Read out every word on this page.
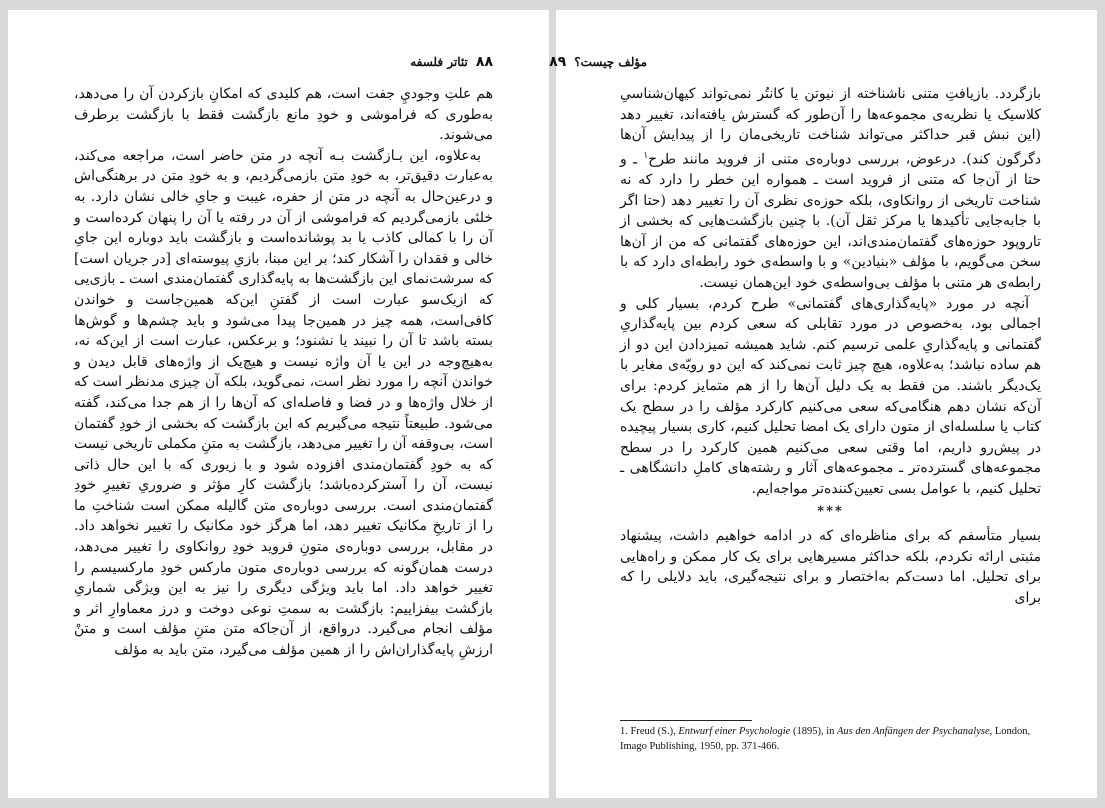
۸۸تئاتر فلسفه

هم علتِ وجوديِ جفت است، هم کلیدی که امکانِ بازکردن آن را می‌دهد، به‌طوری که فراموشی و خودِ مانع بازگشت فقط با بازگشت برطرف می‌شوند.

به‌علاوه، این بـازگشت بـه آنچه در متن حاضر است، مراجعه می‌کند، به‌عبارت دقیق‌تر، به خودِ متن بازمی‌گردیم، و به خودِ متن در برهنگی‌اش و درعین‌حال به آنچه در متن از حفره، غیبت و جایِ خالی نشان دارد. به خلئی بازمی‌گردیم که فراموشی از آن در رفته یا آن را پنهان کرده‌است و آن را با کمالی کاذب یا بد پوشانده‌است و بازگشت باید دوباره این جایِ خالی و فقدان را آشکار کند؛ بر این مبنا، بازیِ پیوسته‌ای [در جریان است] که سرشت‌نمای این بازگشت‌ها به پایه‌گذاری گفتمان‌مندی است ـ بازی‌یی که ازیک‌سو عبارت است از گفتنِ این‌که همین‌جاست و خواندن کافی‌است، همه چیز در همین‌جا پیدا می‌شود و باید چشم‌ها و گوش‌ها بسته باشد تا آن را نبیند یا نشنود؛ و برعکس، عبارت است از این‌که نه، به‌هیچ‌وجه در این یا آن واژه نیست و هیچ‌یک از واژه‌های قابل دیدن و خواندن آنچه را مورد نظر است، نمی‌گوید، بلکه آن چیزی مدنظر است که از خلال واژه‌ها و در فضا و فاصله‌ای که آن‌ها را از هم جدا می‌کند، گفته می‌شود. طبیعتاً نتیجه می‌گیریم که این بازگشت که بخشی از خودِ گفتمان است، بی‌وقفه آن را تغییر می‌دهد، بازگشت به متنِ مکملی تاریخی نیست که به خودِ گفتمان‌مندی افزوده شود و با زیوری که با این حال ذاتی نیست، آن را آسترکرده‌باشد؛ بازگشت کارِ مؤثر و ضروریِ تغییرِ خودِ گفتمان‌مندی است. بررسی دوباره‌ی متن گالیله ممکن است شناختِ ما را از تاریخِ مکانیک تغییر دهد، اما هرگز خود مکانیک را تغییر نخواهد داد. در مقابل، بررسی دوباره‌ی متونِ فروید خودِ روانکاوی را تغییر می‌دهد، درست همان‌گونه که بررسی دوباره‌ی متون مارکس خودِ مارکسیسم را تغییر خواهد داد. اما باید ویژگی دیگری را نیز به این ویژگی شماریِ بازگشت بیفزاییم: بازگشت به سمتِ نوعی دوخت و درز معماوارِ اثر و مؤلف انجام می‌گیرد. درواقع، از آن‌جاکه متن متنِ مؤلف است و متنْ ارزشِ پایه‌گذاران‌اش را از همین مؤلف می‌گیرد، متن باید به مؤلف

مؤلف چیست؟۸۹

بازگردد. بازیافتِ متنی ناشناخته از نیوتن یا کانتُر نمی‌تواند کیهان‌شناسیِ کلاسیک یا نظریه‌ی مجموعه‌ها را آن‌طور که گسترش یافته‌اند، تغییر دهد (این نبش قبر حداکثر می‌تواند شناخت تاریخی‌مان را از پیدایش آن‌ها دگرگون کند). درعوض، بررسی دوباره‌ی متنی از فروید مانند طرح$^۱$ ـ و حتا از آن‌جا که متنی از فروید است ـ همواره این خطر را دارد که نه شناخت تاریخی از روانکاوی، بلکه حوزه‌ی نظری آن را تغییر دهد (حتا اگر با جابه‌جایی تأکیدها یا مرکز ثقل آن). با چنین بازگشت‌هایی که بخشی از تاروپود حوزه‌های گفتمان‌مندی‌اند، این حوزه‌های گفتمانی که من از آن‌ها سخن می‌گویم، با مؤلف «بنیادین» و با واسطه‌ی خود رابطه‌ای دارد که با رابطه‌ی هر متنی با مؤلف بی‌واسطه‌ی خود این‌همان نیست.

آنچه در مورد «پایه‌گذاری‌های گفتمانی» طرح کردم، بسیار کلی و اجمالی بود، به‌خصوص در مورد تقابلی که سعی کردم بین پایه‌گذاریِ گفتمانی و پایه‌گذاریِ علمی ترسیم کنم. شاید همیشه تمیزدادن این دو از هم ساده نباشد؛ به‌علاوه، هیچ چیز ثابت نمی‌کند که این دو رویّه‌ی مغایر با یک‌دیگر باشند. من فقط به یک دلیل آن‌ها را از هم متمایز کردم: برای آن‌که نشان دهم هنگامی‌که سعی می‌کنیم کارکرد مؤلف را در سطح یک کتاب یا سلسله‌ای از متون دارای یک امضا تحلیل کنیم، کاری بسیار پیچیده در پیش‌رو داریم، اما وقتی سعی می‌کنیم همین کارکرد را در سطح مجموعه‌های گسترده‌تر ـ مجموعه‌های آثار و رشته‌های کاملِ دانشگاهی ـ تحلیل کنیم، با عوامل بسی تعیین‌کننده‌تر مواجه‌ایم.

***

بسیار متأسفم که برای مناظره‌ای که در ادامه خواهیم داشت، پیشنهاد مثبتی ارائه نکردم، بلکه حداکثر مسیرهایی برای یک کار ممکن و راه‌هایی برای تحلیل. اما دست‌کم به‌اختصار و برای نتیجه‌گیری، باید دلایلی را که برای

1. Freud (S.), Entwurf einer Psychologie (1895), in Aus den Anfängen der Psychanalyse, London, Imago Publishing, 1950, pp. 371-466.
